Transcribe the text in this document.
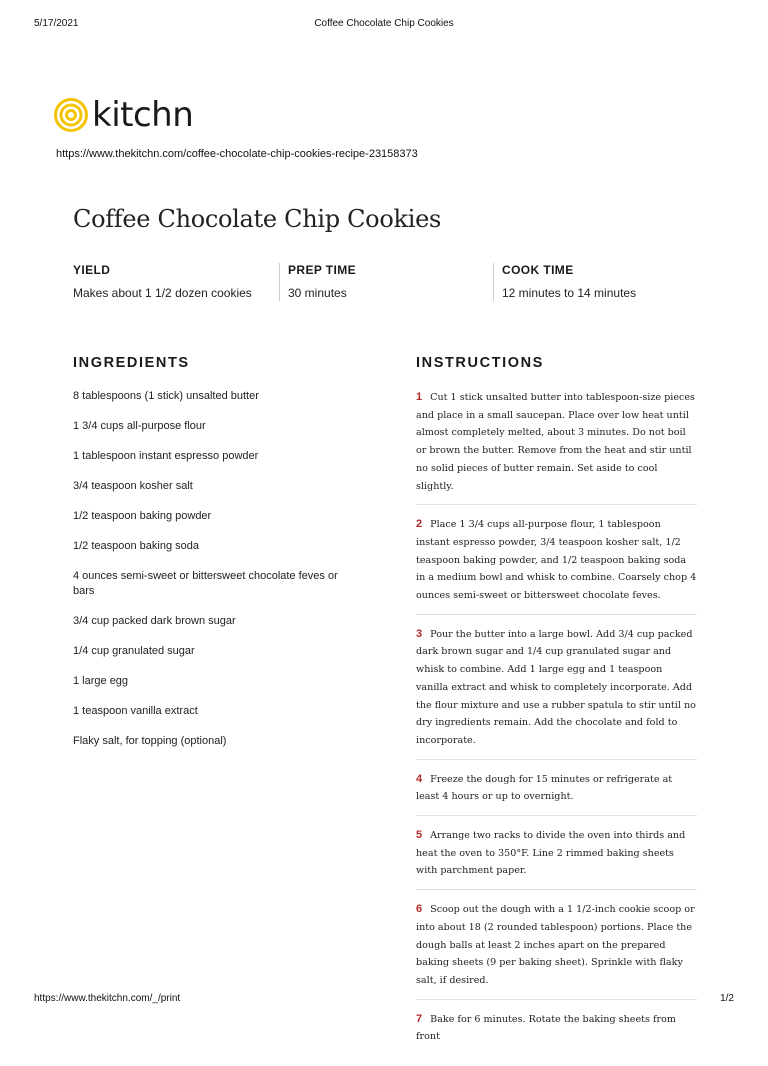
5/17/2021	Coffee Chocolate Chip Cookies
kitchn
https://www.thekitchn.com/coffee-chocolate-chip-cookies-recipe-23158373
Coffee Chocolate Chip Cookies
YIELD
Makes about 1 1/2 dozen cookies
PREP TIME
30 minutes
COOK TIME
12 minutes to 14 minutes
INGREDIENTS	INSTRUCTIONS
8 tablespoons (1 stick) unsalted butter
1 3/4 cups all-purpose flour
1 tablespoon instant espresso powder
3/4 teaspoon kosher salt
1/2 teaspoon baking powder
1/2 teaspoon baking soda
4 ounces semi-sweet or bittersweet chocolate feves or bars
3/4 cup packed dark brown sugar
1/4 cup granulated sugar
1 large egg
1 teaspoon vanilla extract
Flaky salt, for topping (optional)
1 Cut 1 stick unsalted butter into tablespoon-size pieces and place in a small saucepan. Place over low heat until almost completely melted, about 3 minutes. Do not boil or brown the butter. Remove from the heat and stir until no solid pieces of butter remain. Set aside to cool slightly.
2 Place 1 3/4 cups all-purpose flour, 1 tablespoon instant espresso powder, 3/4 teaspoon kosher salt, 1/2 teaspoon baking powder, and 1/2 teaspoon baking soda in a medium bowl and whisk to combine. Coarsely chop 4 ounces semi-sweet or bittersweet chocolate feves.
3 Pour the butter into a large bowl. Add 3/4 cup packed dark brown sugar and 1/4 cup granulated sugar and whisk to combine. Add 1 large egg and 1 teaspoon vanilla extract and whisk to completely incorporate. Add the flour mixture and use a rubber spatula to stir until no dry ingredients remain. Add the chocolate and fold to incorporate.
4 Freeze the dough for 15 minutes or refrigerate at least 4 hours or up to overnight.
5 Arrange two racks to divide the oven into thirds and heat the oven to 350°F. Line 2 rimmed baking sheets with parchment paper.
6 Scoop out the dough with a 1 1/2-inch cookie scoop or into about 18 (2 rounded tablespoon) portions. Place the dough balls at least 2 inches apart on the prepared baking sheets (9 per baking sheet). Sprinkle with flaky salt, if desired.
7 Bake for 6 minutes. Rotate the baking sheets from front
https://www.thekitchn.com/_/print	1/2
